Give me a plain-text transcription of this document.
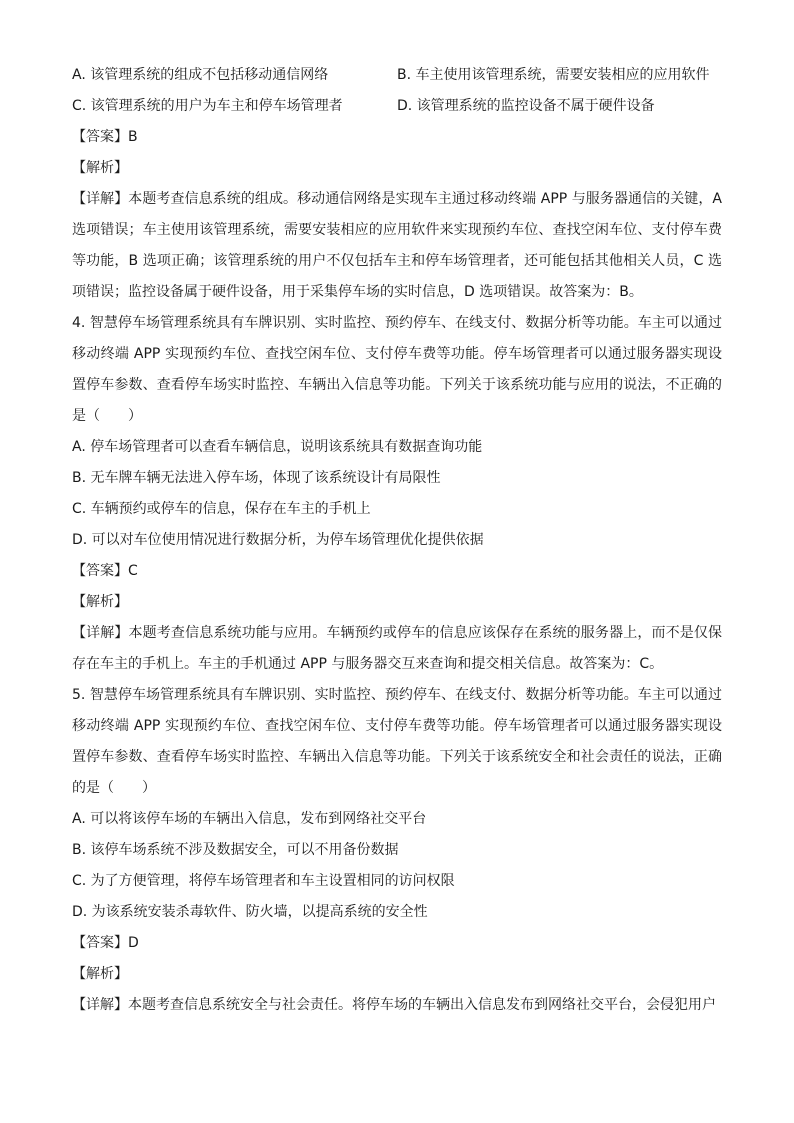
A. 该管理系统的组成不包括移动通信网络	B. 车主使用该管理系统，需要安装相应的应用软件
C. 该管理系统的用户为车主和停车场管理者	D. 该管理系统的监控设备不属于硬件设备
【答案】B
【解析】
【详解】本题考查信息系统的组成。移动通信网络是实现车主通过移动终端 APP 与服务器通信的关键，A 选项错误；车主使用该管理系统，需要安装相应的应用软件来实现预约车位、查找空闲车位、支付停车费等功能，B 选项正确；该管理系统的用户不仅包括车主和停车场管理者，还可能包括其他相关人员，C 选项错误；监控设备属于硬件设备，用于采集停车场的实时信息，D 选项错误。故答案为：B。
4. 智慧停车场管理系统具有车牌识别、实时监控、预约停车、在线支付、数据分析等功能。车主可以通过移动终端 APP 实现预约车位、查找空闲车位、支付停车费等功能。停车场管理者可以通过服务器实现设置停车参数、查看停车场实时监控、车辆出入信息等功能。下列关于该系统功能与应用的说法，不正确的是（　　）
A. 停车场管理者可以查看车辆信息，说明该系统具有数据查询功能
B. 无车牌车辆无法进入停车场，体现了该系统设计有局限性
C. 车辆预约或停车的信息，保存在车主的手机上
D. 可以对车位使用情况进行数据分析，为停车场管理优化提供依据
【答案】C
【解析】
【详解】本题考查信息系统功能与应用。车辆预约或停车的信息应该保存在系统的服务器上，而不是仅保存在车主的手机上。车主的手机通过 APP 与服务器交互来查询和提交相关信息。故答案为：C。
5. 智慧停车场管理系统具有车牌识别、实时监控、预约停车、在线支付、数据分析等功能。车主可以通过移动终端 APP 实现预约车位、查找空闲车位、支付停车费等功能。停车场管理者可以通过服务器实现设置停车参数、查看停车场实时监控、车辆出入信息等功能。下列关于该系统安全和社会责任的说法，正确的是（　　）
A. 可以将该停车场的车辆出入信息，发布到网络社交平台
B. 该停车场系统不涉及数据安全，可以不用备份数据
C. 为了方便管理，将停车场管理者和车主设置相同的访问权限
D. 为该系统安装杀毒软件、防火墙，以提高系统的安全性
【答案】D
【解析】
【详解】本题考查信息系统安全与社会责任。将停车场的车辆出入信息发布到网络社交平台，会侵犯用户
